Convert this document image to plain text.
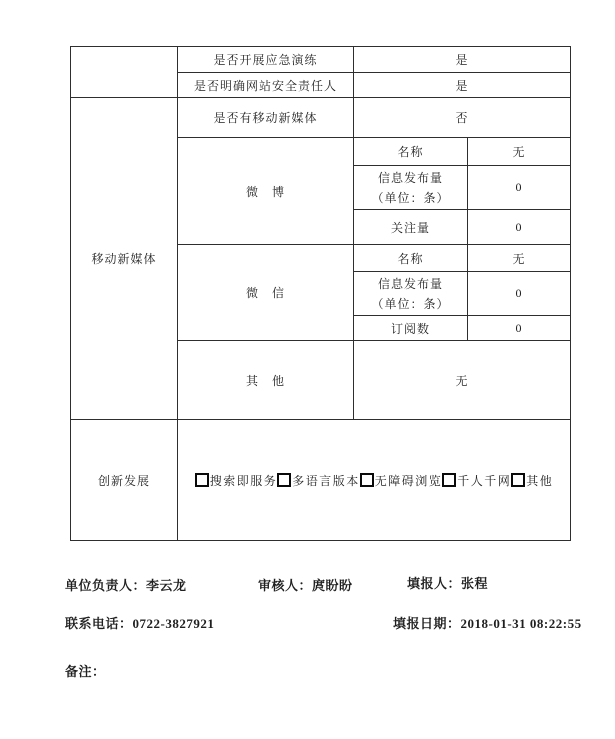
	是否开展应急演练	是	
	是否明确网站安全责任人	是	
移动新媒体	是否有移动新媒体	否	
	微　博	名称	无

		信息发布量
（单位：条）	0
		关注量	0
	微　信	名称	无

		信息发布量
（单位：条）	0
		订阅数	0
	其　他	无	
创新发展	搜索即服务 多语言版本 无障碍浏览 千人千网 其他		
单位负责人：李云龙	审核人：庹盼盼	填报人：张程
联系电话：0722-3827921	填报日期：2018-01-31 08:22:55
备注：
